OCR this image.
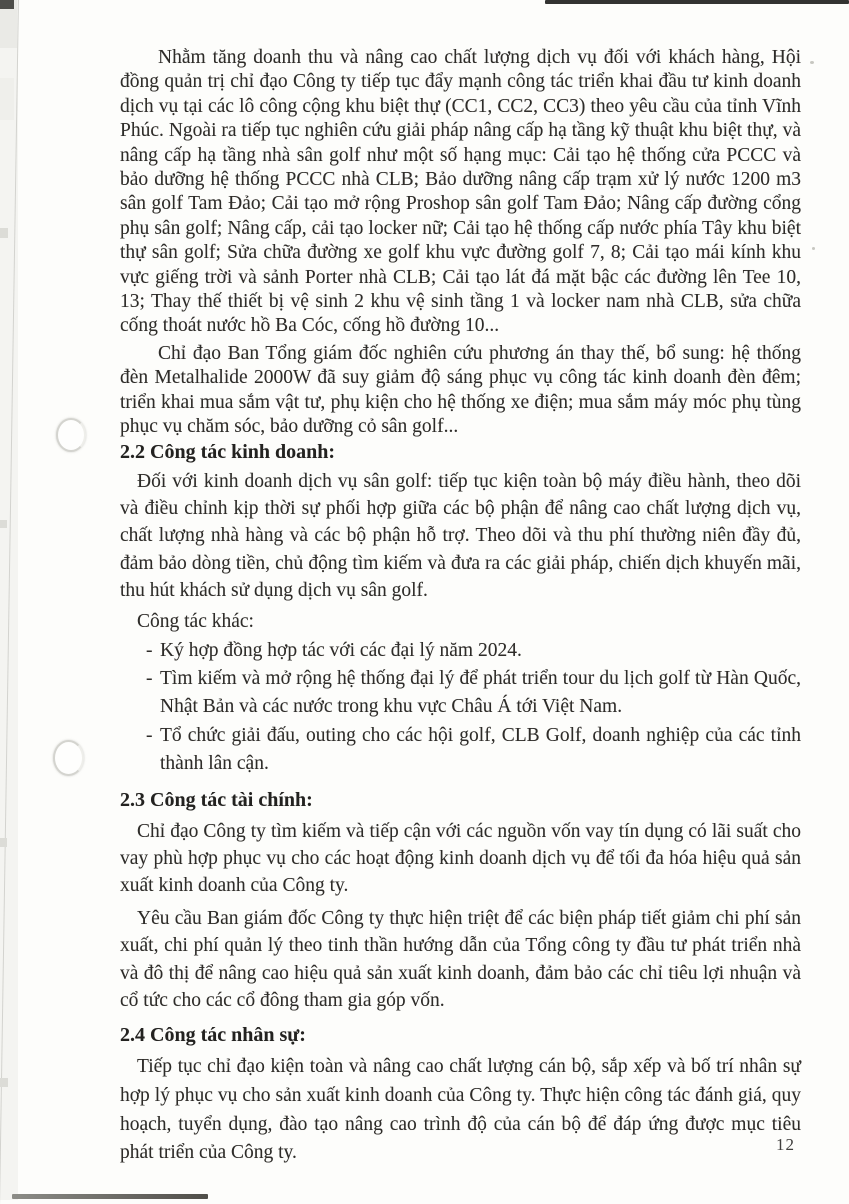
Nhằm tăng doanh thu và nâng cao chất lượng dịch vụ đối với khách hàng, Hội đồng quản trị chỉ đạo Công ty tiếp tục đẩy mạnh công tác triển khai đầu tư kinh doanh dịch vụ tại các lô công cộng khu biệt thự (CC1, CC2, CC3) theo yêu cầu của tỉnh Vĩnh Phúc. Ngoài ra tiếp tục nghiên cứu giải pháp nâng cấp hạ tầng kỹ thuật khu biệt thự, và nâng cấp hạ tầng nhà sân golf như một số hạng mục: Cải tạo hệ thống cửa PCCC và bảo dưỡng hệ thống PCCC nhà CLB; Bảo dưỡng nâng cấp trạm xử lý nước 1200 m3 sân golf Tam Đảo; Cải tạo mở rộng Proshop sân golf Tam Đảo; Nâng cấp đường cổng phụ sân golf; Nâng cấp, cải tạo locker nữ; Cải tạo hệ thống cấp nước phía Tây khu biệt thự sân golf; Sửa chữa đường xe golf khu vực đường golf 7, 8; Cải tạo mái kính khu vực giếng trời và sảnh Porter nhà CLB; Cải tạo lát đá mặt bậc các đường lên Tee 10, 13; Thay thế thiết bị vệ sinh 2 khu vệ sinh tầng 1 và locker nam nhà CLB, sửa chữa cống thoát nước hồ Ba Cóc, cống hồ đường 10...

Chỉ đạo Ban Tổng giám đốc nghiên cứu phương án thay thế, bổ sung: hệ thống đèn Metalhalide 2000W đã suy giảm độ sáng phục vụ công tác kinh doanh đèn đêm; triển khai mua sắm vật tư, phụ kiện cho hệ thống xe điện; mua sắm máy móc phụ tùng phục vụ chăm sóc, bảo dưỡng cỏ sân golf...

2.2 Công tác kinh doanh:

Đối với kinh doanh dịch vụ sân golf: tiếp tục kiện toàn bộ máy điều hành, theo dõi và điều chỉnh kịp thời sự phối hợp giữa các bộ phận để nâng cao chất lượng dịch vụ, chất lượng nhà hàng và các bộ phận hỗ trợ. Theo dõi và thu phí thường niên đầy đủ, đảm bảo dòng tiền, chủ động tìm kiếm và đưa ra các giải pháp, chiến dịch khuyến mãi, thu hút khách sử dụng dịch vụ sân golf.

Công tác khác:
- Ký hợp đồng hợp tác với các đại lý năm 2024.
- Tìm kiếm và mở rộng hệ thống đại lý để phát triển tour du lịch golf từ Hàn Quốc, Nhật Bản và các nước trong khu vực Châu Á tới Việt Nam.
- Tổ chức giải đấu, outing cho các hội golf, CLB Golf, doanh nghiệp của các tỉnh thành lân cận.
2.3 Công tác tài chính:

Chỉ đạo Công ty tìm kiếm và tiếp cận với các nguồn vốn vay tín dụng có lãi suất cho vay phù hợp phục vụ cho các hoạt động kinh doanh dịch vụ để tối đa hóa hiệu quả sản xuất kinh doanh của Công ty.

Yêu cầu Ban giám đốc Công ty thực hiện triệt để các biện pháp tiết giảm chi phí sản xuất, chi phí quản lý theo tinh thần hướng dẫn của Tổng công ty đầu tư phát triển nhà và đô thị để nâng cao hiệu quả sản xuất kinh doanh, đảm bảo các chỉ tiêu lợi nhuận và cổ tức cho các cổ đông tham gia góp vốn.

2.4 Công tác nhân sự:

Tiếp tục chỉ đạo kiện toàn và nâng cao chất lượng cán bộ, sắp xếp và bố trí nhân sự hợp lý phục vụ cho sản xuất kinh doanh của Công ty. Thực hiện công tác đánh giá, quy hoạch, tuyển dụng, đào tạo nâng cao trình độ của cán bộ để đáp ứng được mục tiêu phát triển của Công ty.	12
